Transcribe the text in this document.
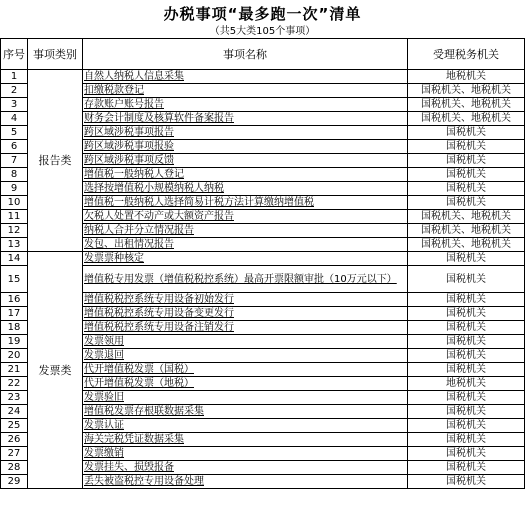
办税事项“最多跑一次”清单
（共5大类105个事项）
序号	事项类别	事项名称	受理税务机关
1	报告类	自然人纳税人信息采集	地税机关
2		扣缴税款登记	国税机关、地税机关
3		存款账户账号报告	国税机关、地税机关
4		财务会计制度及核算软件备案报告	国税机关、地税机关
5		跨区域涉税事项报告	国税机关
6		跨区域涉税事项报验	国税机关
7		跨区域涉税事项反馈	国税机关
8		增值税一般纳税人登记	国税机关
9		选择按增值税小规模纳税人纳税	国税机关
10		增值税一般纳税人选择简易计税方法计算缴纳增值税	国税机关
11		欠税人处置不动产或大额资产报告	国税机关、地税机关
12		纳税人合并分立情况报告	国税机关、地税机关
13		发包、出租情况报告	国税机关、地税机关
14	发票类	发票票种核定	国税机关
15		增值税专用发票（增值税税控系统）最高开票限额审批（10万元以下）	国税机关
16		增值税税控系统专用设备初始发行	国税机关
17		增值税税控系统专用设备变更发行	国税机关
18		增值税税控系统专用设备注销发行	国税机关
19		发票领用	国税机关
20		发票退回	国税机关
21		代开增值税发票（国税）	国税机关
22		代开增值税发票（地税）	地税机关
23		发票验旧	国税机关
24		增值税发票存根联数据采集	国税机关
25		发票认证	国税机关
26		海关完税凭证数据采集	国税机关
27		发票缴销	国税机关
28		发票挂失、损毁报备	国税机关
29		丢失被盗税控专用设备处理	国税机关
